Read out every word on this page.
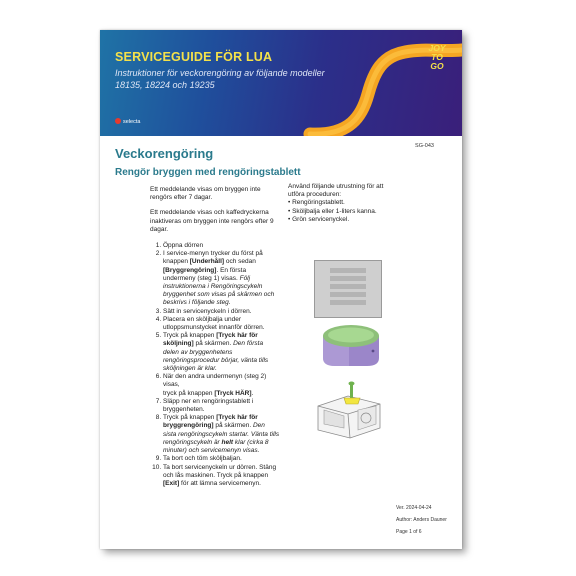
SERVICEGUIDE FÖR LUA
Instruktioner för veckorengöring av följande modeller 18135, 18224 och 19235
JOY
TO
GO
selecta
SG-043
Veckorengöring
Rengör bryggen med rengöringstablett

Ett meddelande visas om bryggen inte rengörs efter 7 dagar.

Ett meddelande visas och kaffedryckerna inaktiveras om bryggen inte rengörs efter 9 dagar.

1. Öppna dörren
2. I service-menyn trycker du först på knappen [Underhåll] och sedan [Bryggrengöring]. En första undermeny (steg 1) visas. Följ instruktionerna i Rengöringscykeln bryggenhet som visas på skärmen och beskrivs i följande steg.
3. Sätt in servicenyckeln i dörren.
4. Placera en sköljbalja under utloppsmunstycket innanför dörren.
5. Tryck på knappen [Tryck här för sköljning] på skärmen. Den första delen av bryggenhetens rengöringsprocedur börjar, vänta tills sköljningen är klar.
6. När den andra undermenyn (steg 2) visas,
tryck på knappen [Tryck HÄR].
7. Släpp ner en rengöringstablett i bryggenheten.
8. Tryck på knappen [Tryck här för bryggrengöring] på skärmen. Den sista rengöringscykeln startar. Vänta tills rengöringscykeln är helt klar (cirka 8 minuter) och servicemenyn visas.
9. Ta bort och töm sköljbaljan.
10. Ta bort servicenyckeln ur dörren. Stäng och lås maskinen. Tryck på knappen [Exit] för att lämna servicemenyn.
Använd följande utrustning för att utföra proceduren:
• Rengöringstablett.
• Sköljbalja eller 1-liters kanna.
• Grön servicenyckel.
Ver. 2024-04-24
Author: Anders Dauner
Page 1 of 6
